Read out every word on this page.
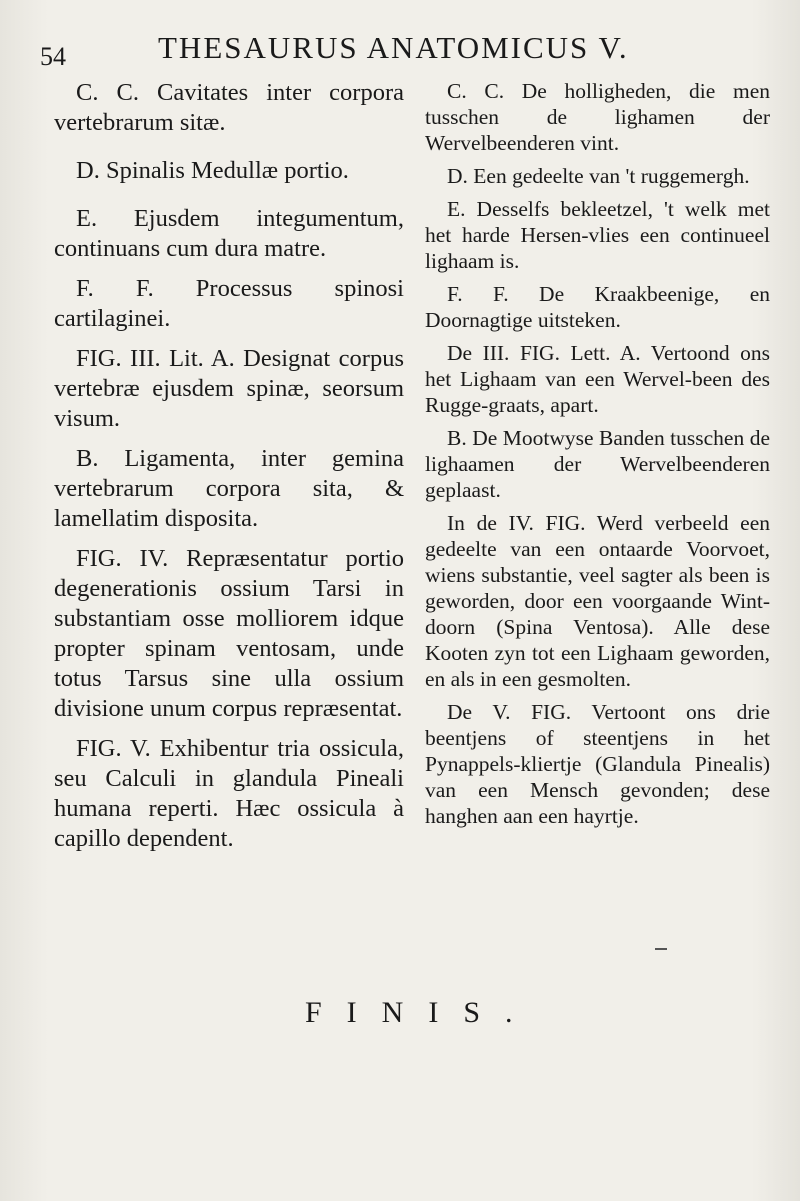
54	THESAURUS ANATOMICUS V.

C. C. Cavitates inter corpora vertebrarum sitæ.

D. Spinalis Medullæ portio.

E. Ejusdem integumentum, continuans cum dura matre.

F. F. Processus spinosi cartilaginei.

FIG. III. Lit. A. Designat corpus vertebræ ejusdem spinæ, seorsum visum.

B. Ligamenta, inter gemina vertebrarum corpora sita, & lamellatim disposita.

FIG. IV. Repræsentatur portio degenerationis ossium Tarsi in substantiam osse molliorem idque propter spinam ventosam, unde totus Tarsus sine ulla ossium divisione unum corpus repræsentat.

FIG. V. Exhibentur tria ossicula, seu Calculi in glandula Pineali humana reperti. Hæc ossicula à capillo dependent.

C. C. De holligheden, die men tusschen de lighamen der Wervelbeenderen vint.

D. Een gedeelte van 't ruggemergh.

E. Desselfs bekleetzel, 't welk met het harde Hersen-vlies een continueel lighaam is.

F. F. De Kraakbeenige, en Doornagtige uitsteken.

De III. FIG. Lett. A. Vertoond ons het Lighaam van een Wervel-been des Rugge-graats, apart.

B. De Mootwyse Banden tusschen de lighaamen der Wervelbeenderen geplaast.

In de IV. FIG. Werd verbeeld een gedeelte van een ontaarde Voorvoet, wiens substantie, veel sagter als been is geworden, door een voorgaande Wint-doorn (Spina Ventosa). Alle dese Kooten zyn tot een Lighaam geworden, en als in een gesmolten.

De V. FIG. Vertoont ons drie beentjens of steentjens in het Pynappels-kliertje (Glandula Pinealis) van een Mensch gevonden; dese hanghen aan een hayrtje.

FINIS.
